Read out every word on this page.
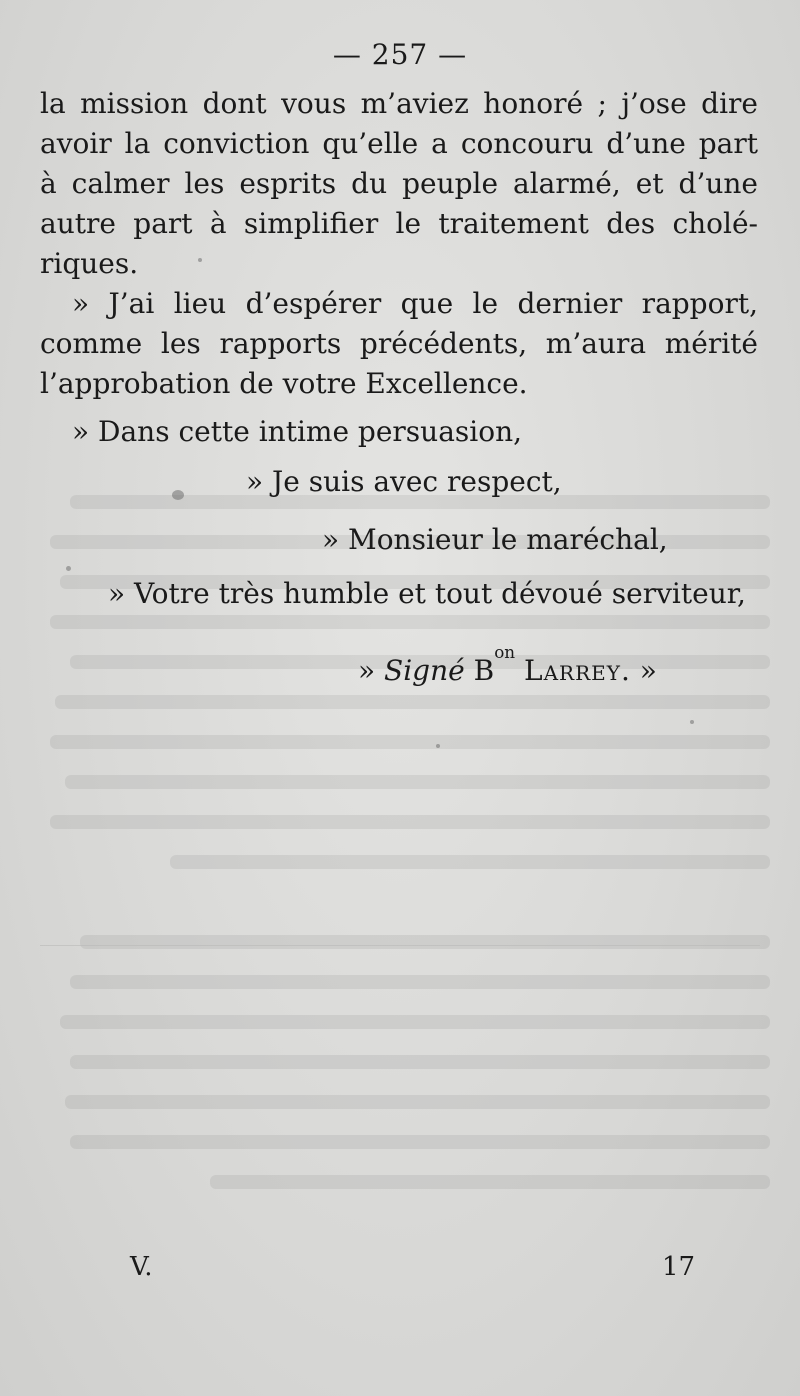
— 257 —
la mission dont vous m’aviez honoré ; j’ose dire
avoir la conviction qu’elle a concouru d’une part
à calmer les esprits du peuple alarmé, et d’une
autre part à simplifier le traitement des cholé-
riques.
» J’ai lieu d’espérer que le dernier rapport,
comme les rapports précédents, m’aura mérité
l’approbation de votre Excellence.
» Dans cette intime persuasion,
» Je suis avec respect,
» Monsieur le maréchal,
» Votre très humble et tout dévoué serviteur,
» Signé $B^{on}$ Larrey. »
V.	17
